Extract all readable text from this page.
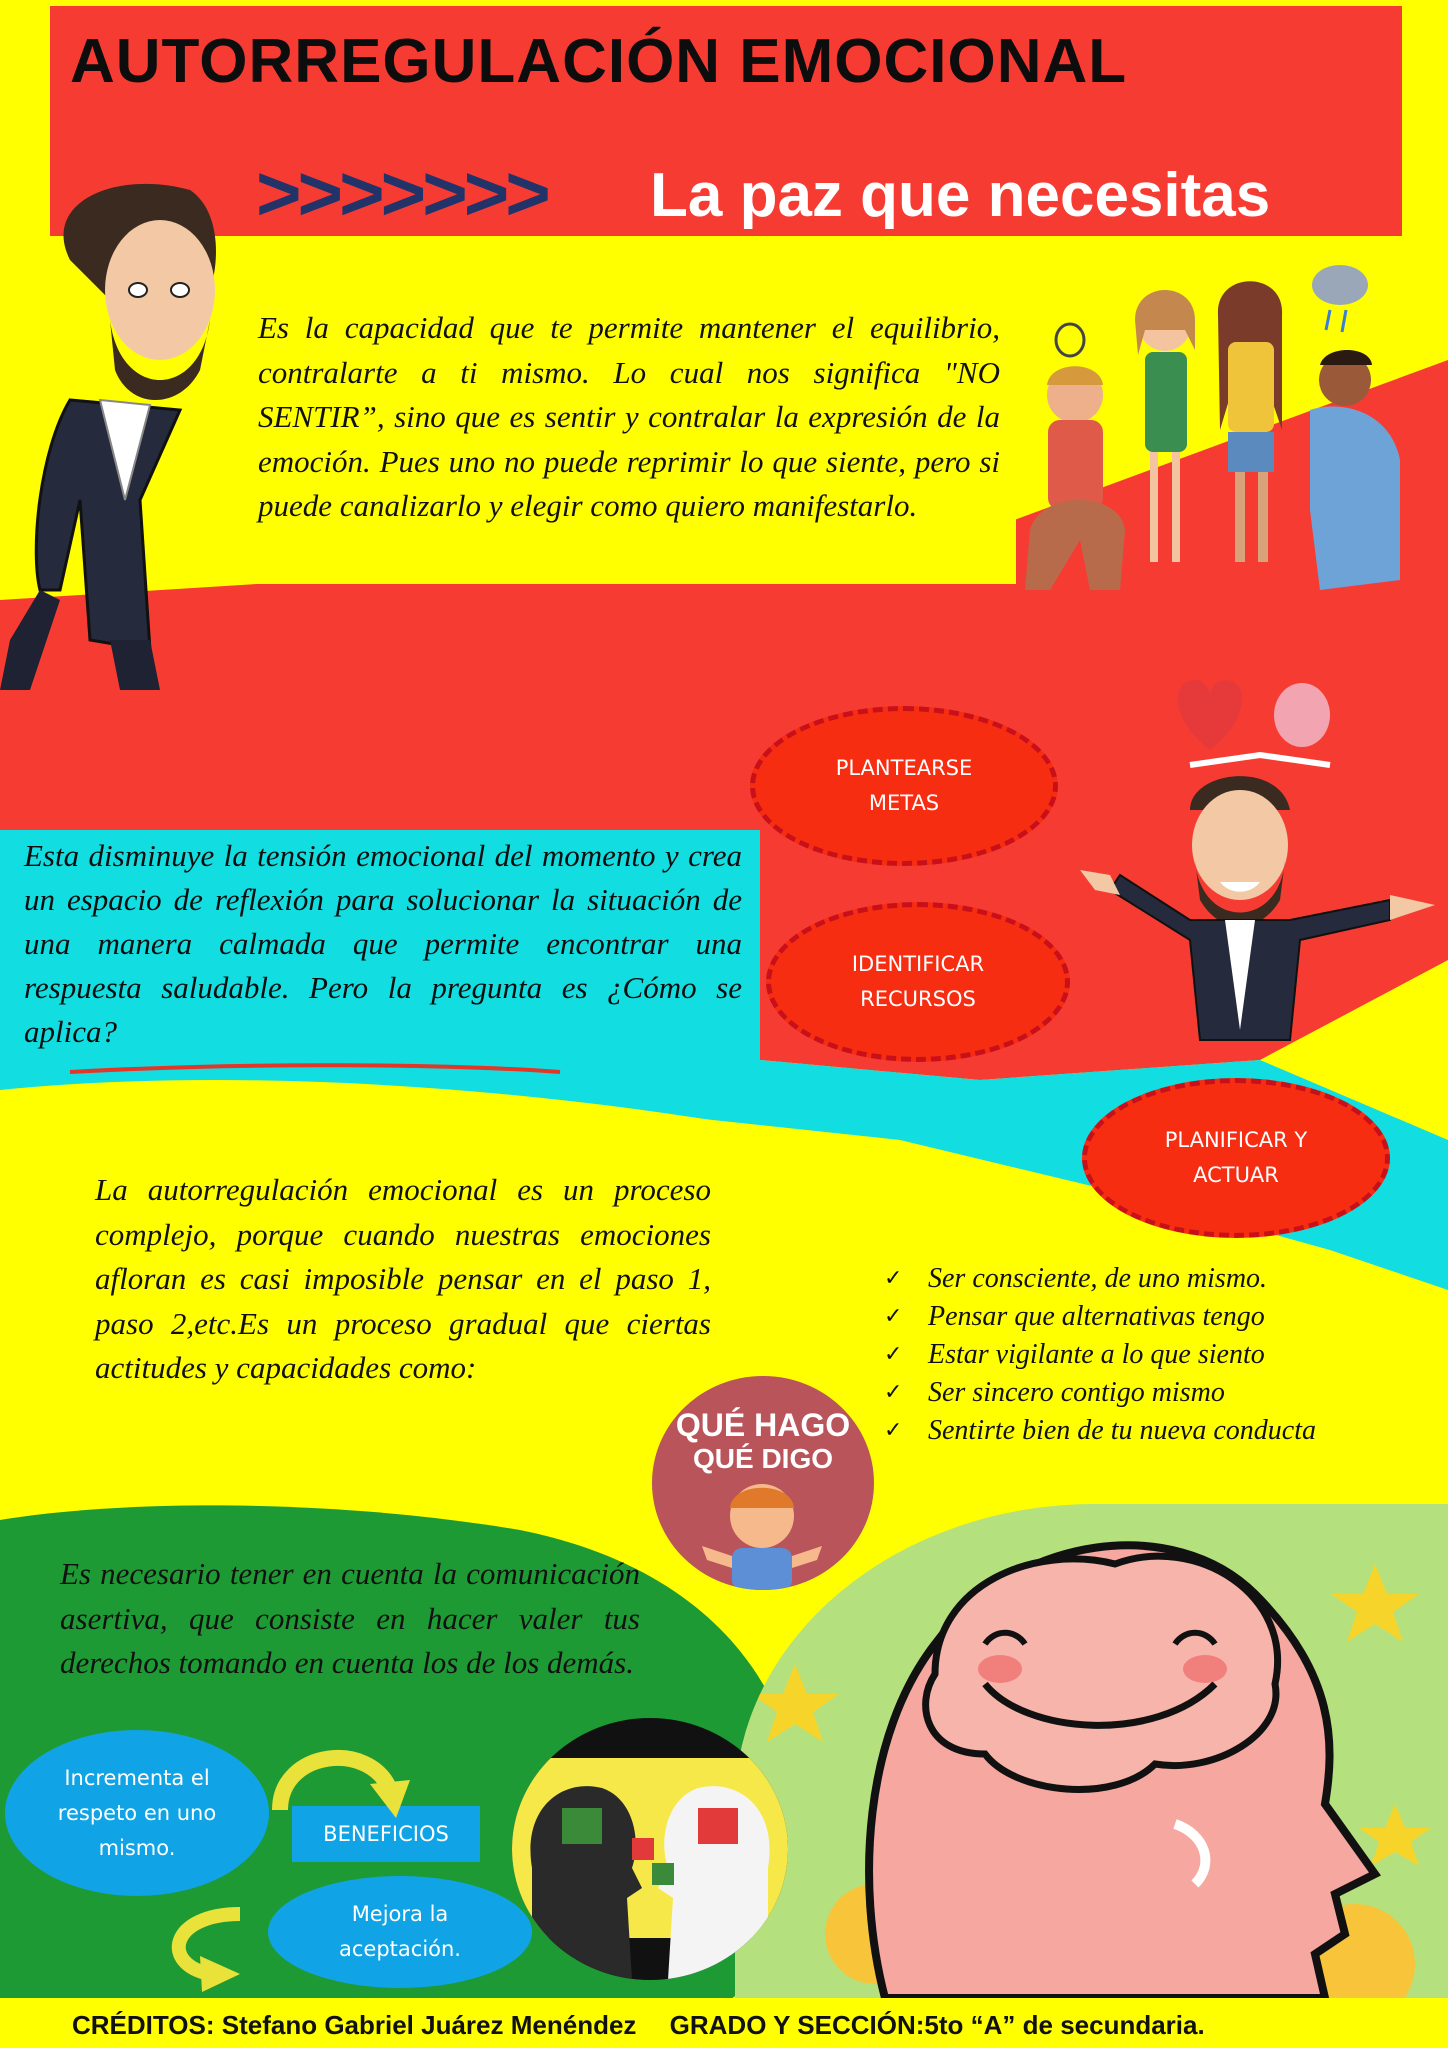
AUTORREGULACIÓN EMOCIONAL
>>>>>>> La paz que necesitas
Es la capacidad que te permite mantener el equilibrio, contralarte a ti mismo. Lo cual nos significa "NO SENTIR”, sino que es sentir y contralar la expresión de la emoción. Pues uno no puede reprimir lo que siente, pero si puede canalizarlo y elegir como quiero manifestarlo.
PLANTEARSE METAS
IDENTIFICAR RECURSOS
PLANIFICAR Y ACTUAR
Esta disminuye la tensión emocional del momento y crea un espacio de reflexión para solucionar la situación de una manera calmada que permite encontrar una respuesta saludable. Pero la pregunta es ¿Cómo se aplica?
La autorregulación emocional es un proceso complejo, porque cuando nuestras emociones afloran es casi imposible pensar en el paso 1, paso 2,etc.Es un proceso gradual que ciertas actitudes y capacidades como:
✓ Ser consciente, de uno mismo.
✓ Pensar que alternativas tengo
✓ Estar vigilante a lo que siento
✓ Ser sincero contigo mismo
✓ Sentirte bien de tu nueva conducta
QUÉ HAGO
QUÉ DIGO
Es necesario tener en cuenta la comunicación asertiva, que consiste en hacer valer tus derechos tomando en cuenta los de los demás.
Incrementa el respeto en uno mismo.
BENEFICIOS
Mejora la aceptación.
CRÉDITOS: Stefano Gabriel Juárez Menéndez GRADO Y SECCIÓN:5to “A” de secundaria.
